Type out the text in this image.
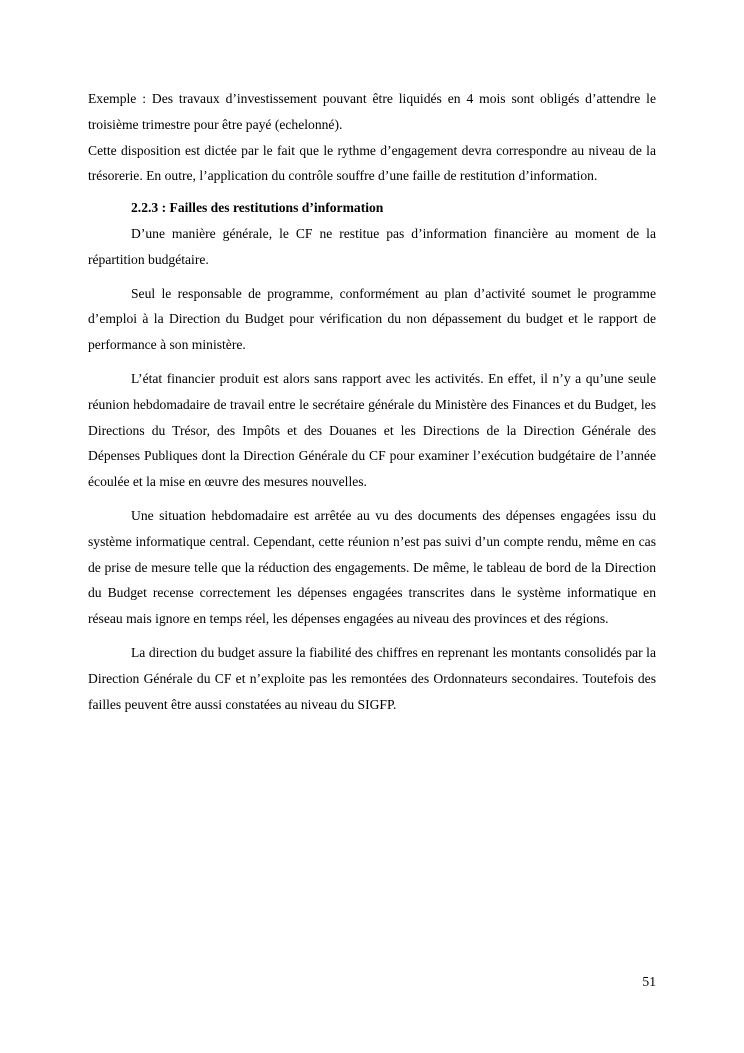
Exemple : Des travaux d’investissement pouvant être liquidés en 4 mois sont obligés d’attendre le troisième trimestre pour être payé (echelonné).

Cette disposition est dictée par le fait que le rythme d’engagement devra correspondre au niveau de la trésorerie. En outre, l’application du contrôle souffre d’une faille de restitution d’information.

2.2.3 : Failles des restitutions d’information

D’une manière générale, le CF ne restitue pas d’information financière au moment de la répartition budgétaire.

Seul le responsable de programme, conformément au plan d’activité soumet le programme d’emploi à la Direction du Budget pour vérification du non dépassement du budget et le rapport de performance à son ministère.

L’état financier produit est alors sans rapport avec les activités. En effet, il n’y a qu’une seule réunion hebdomadaire de travail entre le secrétaire générale du Ministère des Finances et du Budget, les Directions du Trésor, des Impôts et des Douanes et les Directions de la Direction Générale des Dépenses Publiques dont la Direction Générale du CF pour examiner l’exécution budgétaire de l’année écoulée et la mise en œuvre des mesures nouvelles.

Une situation hebdomadaire est arrêtée au vu des documents des dépenses engagées issu du système informatique central. Cependant, cette réunion n’est pas suivi d’un compte rendu, même en cas de prise de mesure telle que la réduction des engagements. De même, le tableau de bord de la Direction du Budget recense correctement les dépenses engagées transcrites dans le système informatique en réseau mais ignore en temps réel, les dépenses engagées au niveau des provinces et des régions.

La direction du budget assure la fiabilité des chiffres en reprenant les montants consolidés par la Direction Générale du CF et n’exploite pas les remontées des Ordonnateurs secondaires. Toutefois des failles peuvent être aussi constatées au niveau du SIGFP.

51
